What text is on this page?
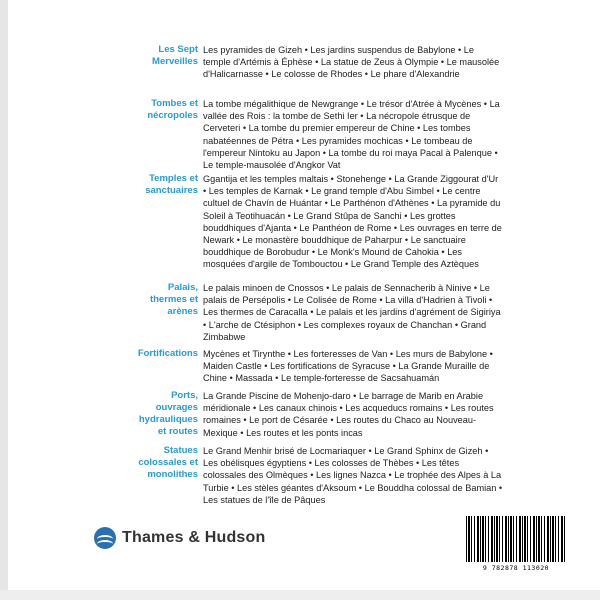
Les Sept
Merveilles
Les pyramides de Gizeh • Les jardins suspendus de Babylone • Le temple d'Artémis à Éphèse • La statue de Zeus à Olympie • Le mausolée d'Halicarnasse • Le colosse de Rhodes • Le phare d'Alexandrie
Tombes et
nécropoles
La tombe mégalithique de Newgrange • Le trésor d'Atrée à Mycènes • La vallée des Rois : la tombe de Sethi Ier • La nécropole étrusque de Cerveteri • La tombe du premier empereur de Chine • Les tombes nabatéennes de Pétra • Les pyramides mochicas • Le tombeau de l'empereur Nintoku au Japon • La tombe du roi maya Pacal à Palenque • Le temple-mausolée d'Angkor Vat
Temples et
sanctuaires
Ggantija et les temples maltais • Stonehenge • La Grande Ziggourat d'Ur • Les temples de Karnak • Le grand temple d'Abu Simbel • Le centre cultuel de Chavín de Huántar • Le Parthénon d'Athènes • La pyramide du Soleil à Teotihuacán • Le Grand Stûpa de Sanchi • Les grottes bouddhiques d'Ajanta • Le Panthéon de Rome • Les ouvrages en terre de Newark • Le monastère bouddhique de Paharpur • Le sanctuaire bouddhique de Borobudur • Le Monk's Mound de Cahokia • Les mosquées d'argile de Tombouctou • Le Grand Temple des Aztèques
Palais,
thermes et
arènes
Le palais minoen de Cnossos • Le palais de Sennacherib à Ninive • Le palais de Persépolis • Le Colisée de Rome • La villa d'Hadrien à Tivoli • Les thermes de Caracalla • Le palais et les jardins d'agrément de Sigiriya • L'arche de Ctésiphon • Les complexes royaux de Chanchan • Grand Zimbabwe
Fortifications Mycènes et Tirynthe • Les forteresses de Van • Les murs de Babylone • Maiden Castle • Les fortifications de Syracuse • La Grande Muraille de Chine • Massada • Le temple-forteresse de Sacsahuamán
Ports,
ouvrages
hydrauliques
et routes
La Grande Piscine de Mohenjo-daro • Le barrage de Marib en Arabie méridionale • Les canaux chinois • Les acqueducs romains • Les routes romaines • Le port de Césarée • Les routes du Chaco au Nouveau-Mexique • Les routes et les ponts incas
Statues
colossales et
monolithes
Le Grand Menhir brisé de Locmariaquer • Le Grand Sphinx de Gizeh • Les obélisques égyptiens • Les colosses de Thèbes • Les têtes colossales des Olmèques • Les lignes Nazca • Le trophée des Alpes à La Turbie • Les stèles géantes d'Aksoum • Le Bouddha colossal de Bamian • Les statues de l'île de Pâques
Thames & Hudson
9 782878 113020
